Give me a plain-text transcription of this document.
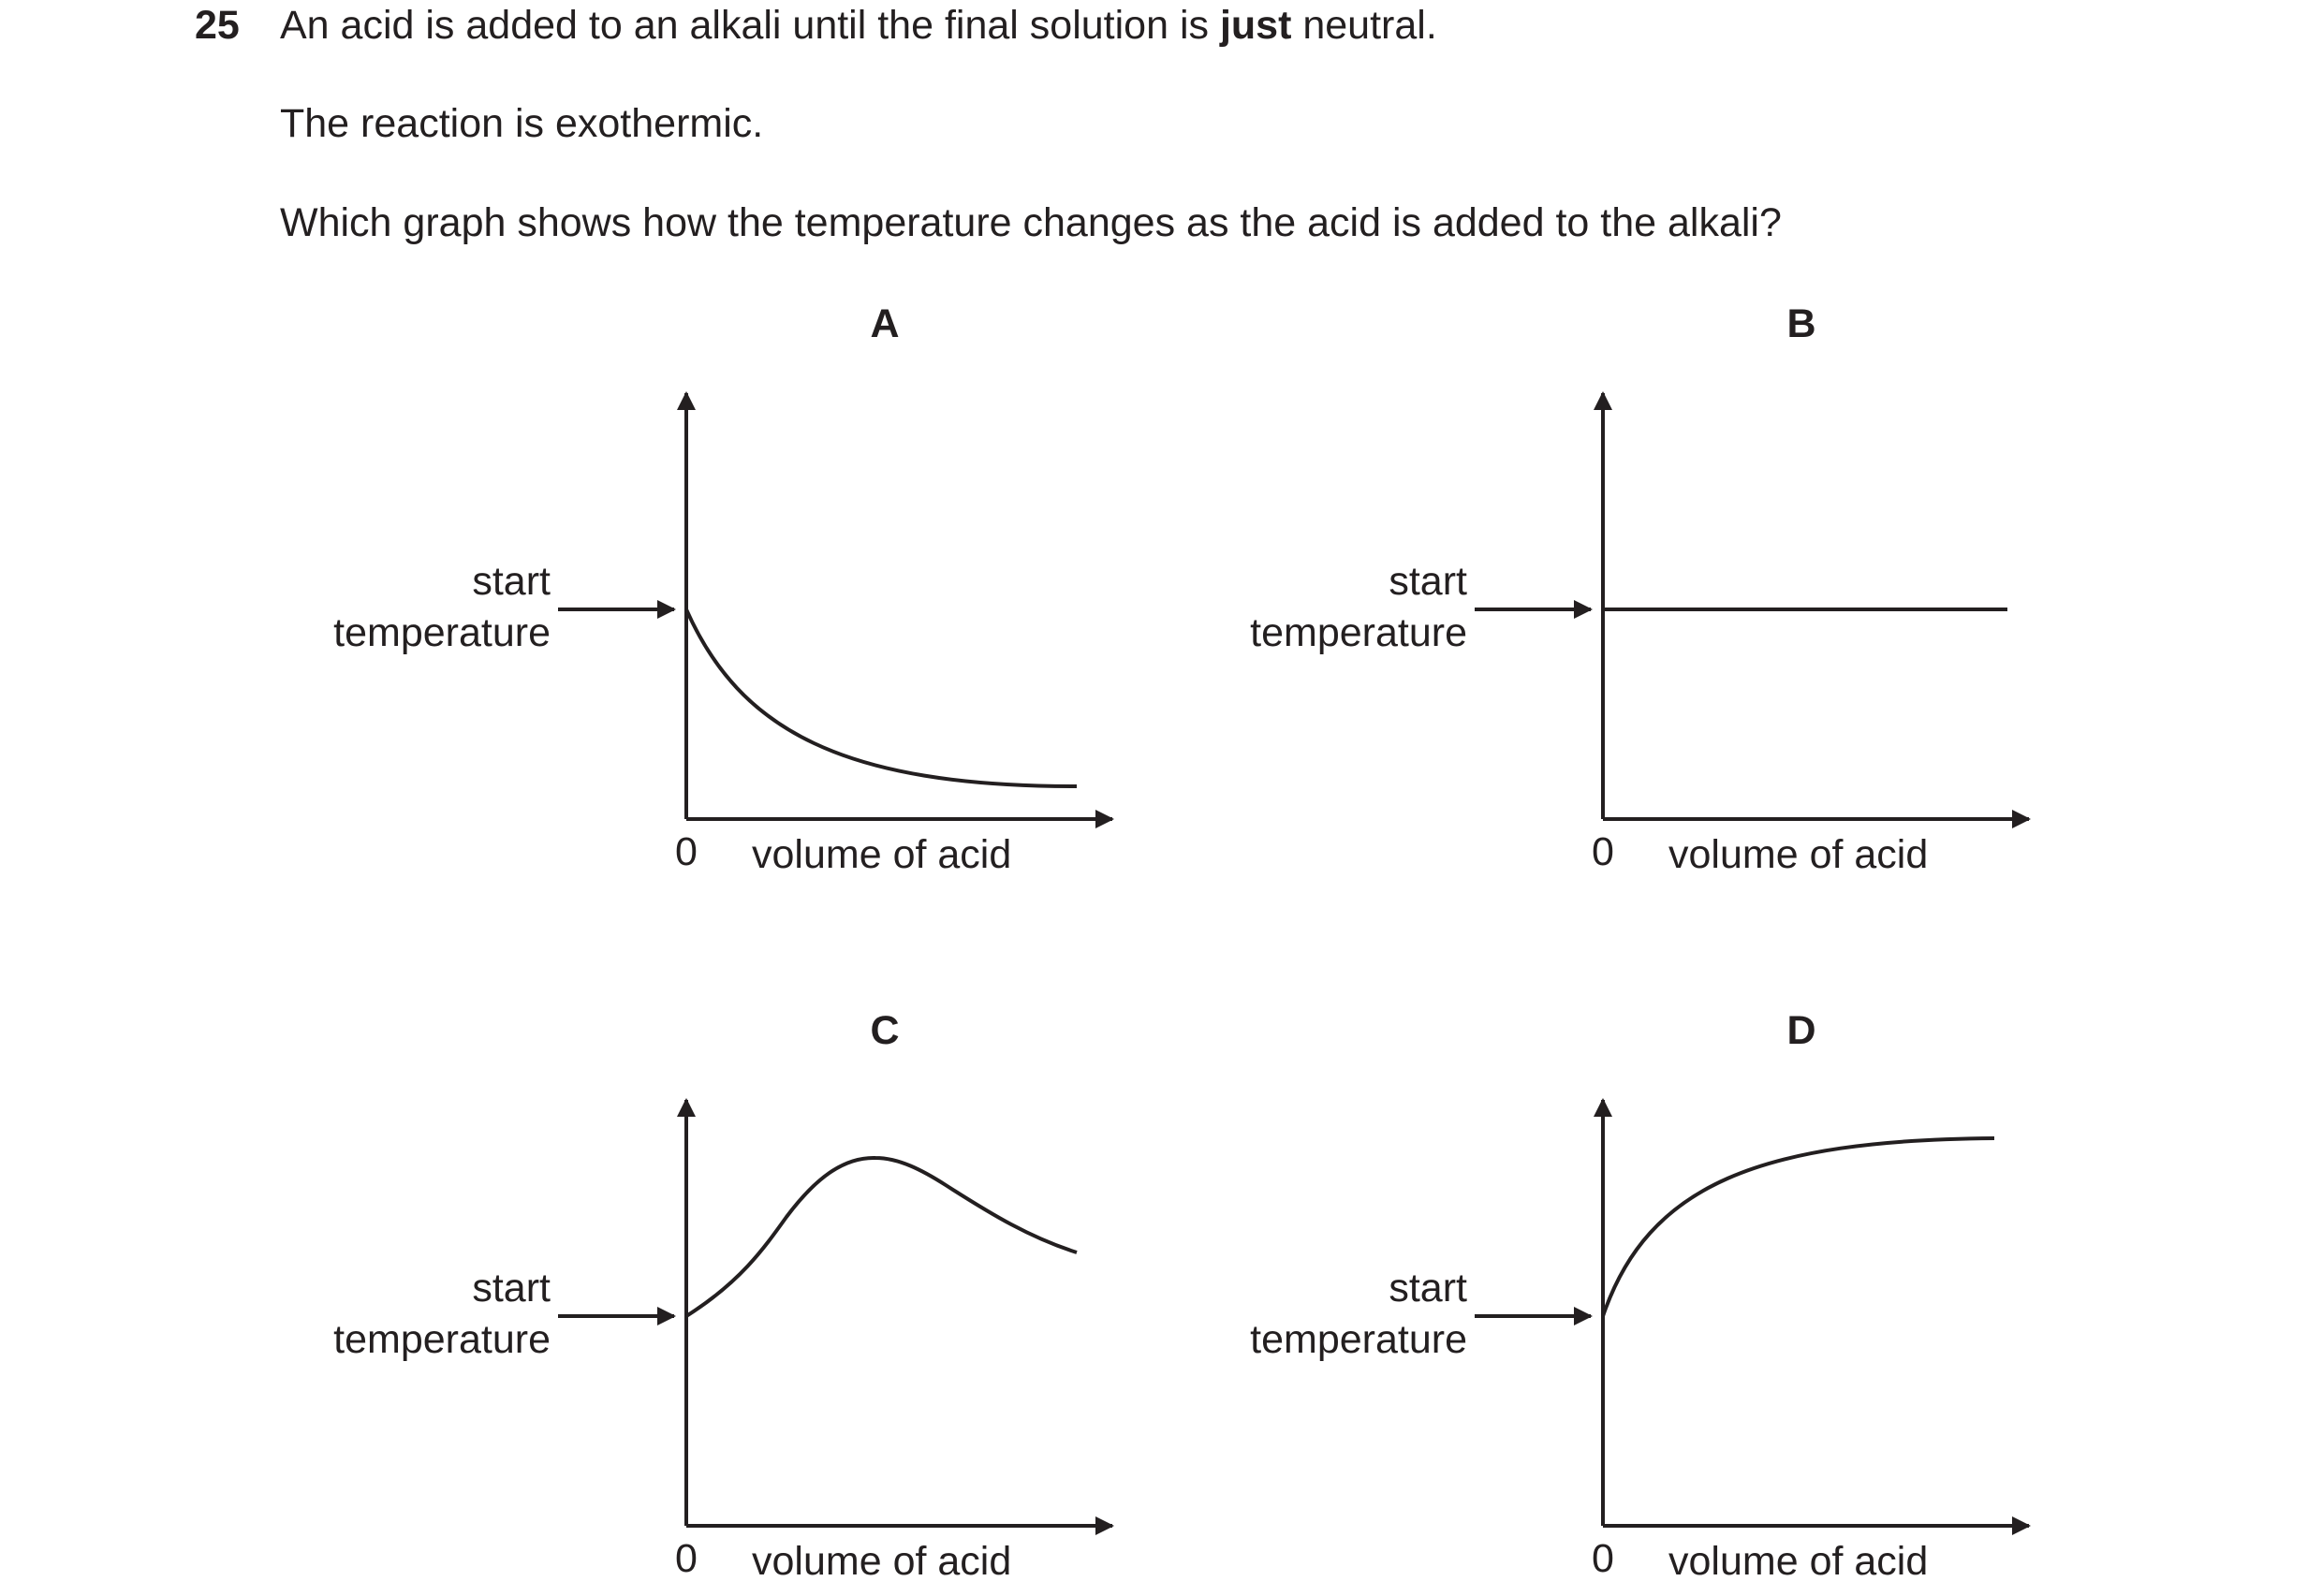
25 An acid is added to an alkali until the final solution is just neutral.
The reaction is exothermic.
Which graph shows how the temperature changes as the acid is added to the alkali?
A
start
temperature
0 volume of acid
B
start
temperature
0 volume of acid
C
start
temperature
0 volume of acid
D
start
temperature
0 volume of acid
